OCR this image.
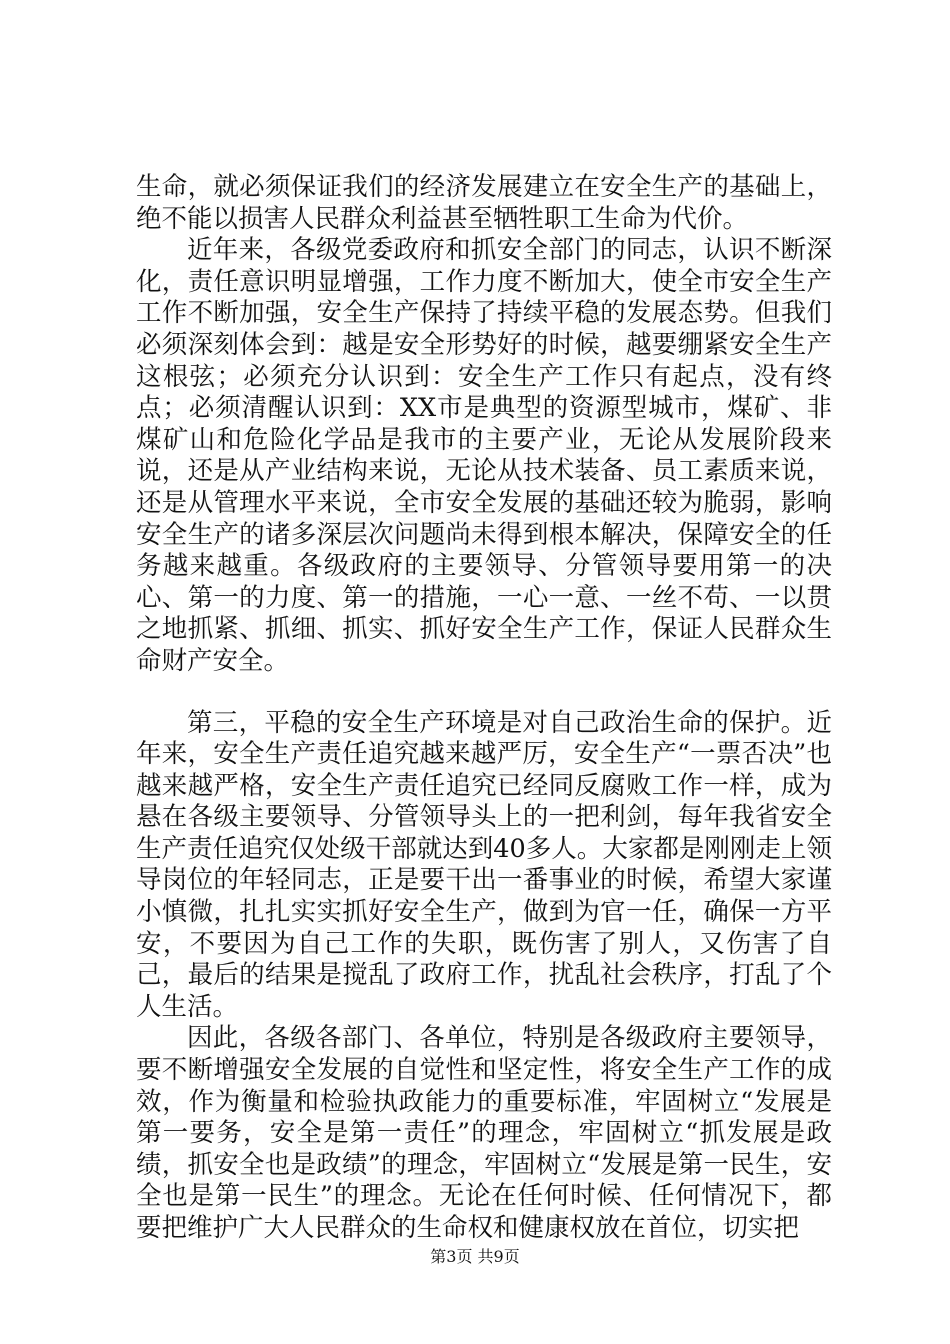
生命，就必须保证我们的经济发展建立在安全生产的基础上，绝不能以损害人民群众利益甚至牺牲职工生命为代价。

近年来，各级党委政府和抓安全部门的同志，认识不断深化，责任意识明显增强，工作力度不断加大，使全市安全生产工作不断加强，安全生产保持了持续平稳的发展态势。但我们必须深刻体会到：越是安全形势好的时候，越要绷紧安全生产这根弦；必须充分认识到：安全生产工作只有起点，没有终点；必须清醒认识到：XX市是典型的资源型城市，煤矿、非煤矿山和危险化学品是我市的主要产业，无论从发展阶段来说，还是从产业结构来说，无论从技术装备、员工素质来说，还是从管理水平来说，全市安全发展的基础还较为脆弱，影响安全生产的诸多深层次问题尚未得到根本解决，保障安全的任务越来越重。各级政府的主要领导、分管领导要用第一的决心、第一的力度、第一的措施，一心一意、一丝不苟、一以贯之地抓紧、抓细、抓实、抓好安全生产工作，保证人民群众生命财产安全。

第三，平稳的安全生产环境是对自己政治生命的保护。近年来，安全生产责任追究越来越严厉，安全生产“一票否决”也越来越严格，安全生产责任追究已经同反腐败工作一样，成为悬在各级主要领导、分管领导头上的一把利剑，每年我省安全生产责任追究仅处级干部就达到40多人。大家都是刚刚走上领导岗位的年轻同志，正是要干出一番事业的时候，希望大家谨小慎微，扎扎实实抓好安全生产，做到为官一任，确保一方平安，不要因为自己工作的失职，既伤害了别人，又伤害了自己，最后的结果是搅乱了政府工作，扰乱社会秩序，打乱了个人生活。

因此，各级各部门、各单位，特别是各级政府主要领导，要不断增强安全发展的自觉性和坚定性，将安全生产工作的成效，作为衡量和检验执政能力的重要标准，牢固树立“发展是第一要务，安全是第一责任”的理念，牢固树立“抓发展是政绩，抓安全也是政绩”的理念，牢固树立“发展是第一民生，安全也是第一民生”的理念。无论在任何时候、任何情况下，都要把维护广大人民群众的生命权和健康权放在首位，切实把

第3页 共9页
